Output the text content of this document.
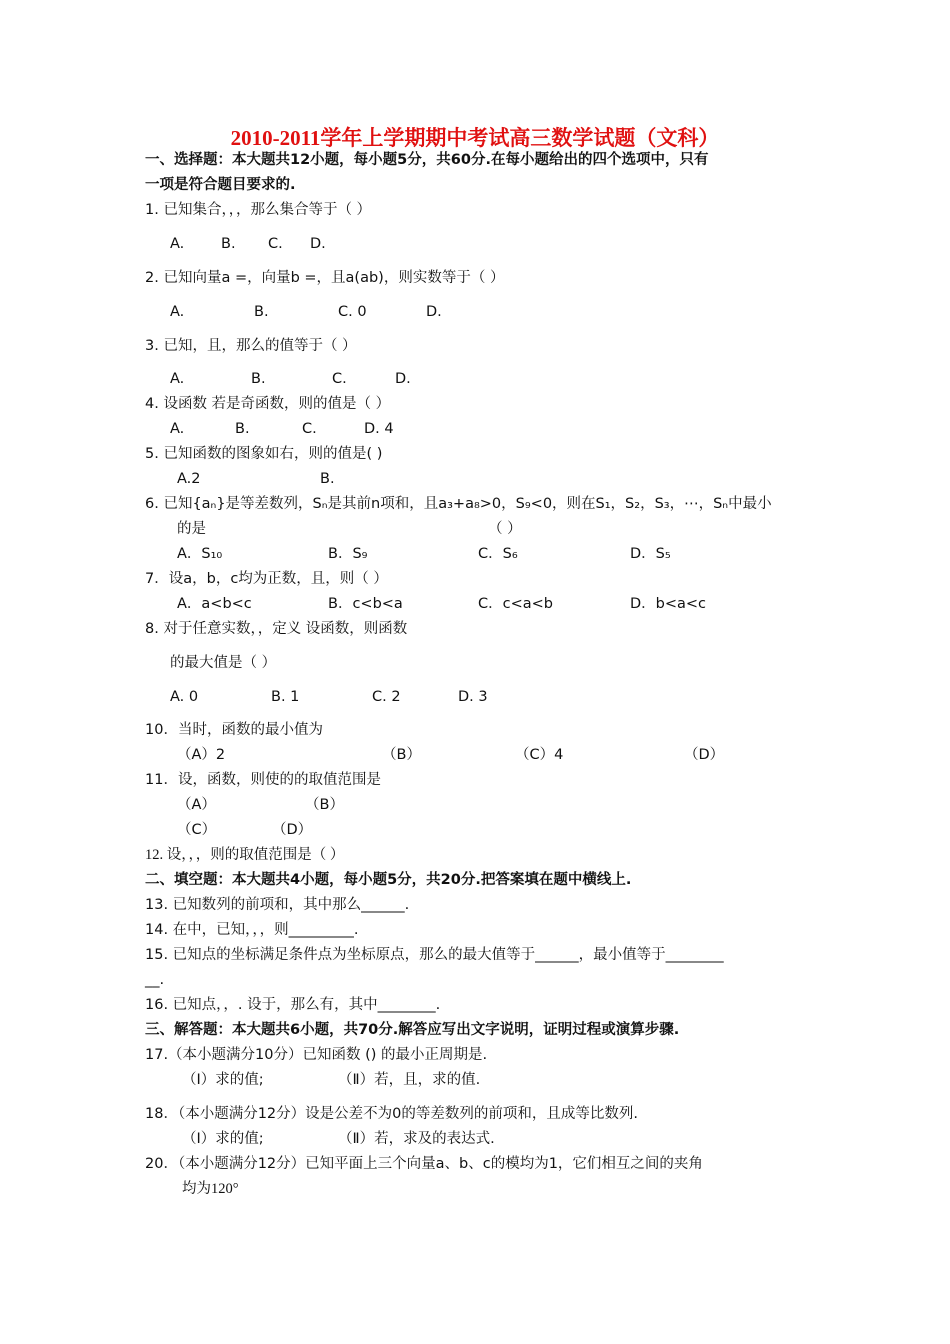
2010-2011学年上学期期中考试高三数学试题（文科）
一、选择题：本大题共12小题，每小题5分，共60分.在每小题给出的四个选项中，只有
一项是符合题目要求的.
1. 已知集合，，，那么集合等于（ ）
A.	B. C. D.
2. 已知向量a =，向量b =，且a(ab)，则实数等于（ ）
A.	B.	C. 0	D.
3. 已知，且，那么的值等于（ ）
A.	B.	C.	D.
4. 设函数 若是奇函数，则的值是（ ）
A.	B.	C.	D. 4
5. 已知函数的图象如右，则的值是( )
A.2	B.
6. 已知{aₙ}是等差数列，Sₙ是其前n项和，且a₃+a₈>0，S₉<0，则在S₁，S₂，S₃，⋯，Sₙ中最小
的是	（ ）
A．S₁₀	B．S₉	C．S₆	D．S₅
7．设a，b，c均为正数，且，则（ ）
A．a<b<c	B．c<b<a	C．c<a<b	D．b<a<c
8. 对于任意实数，，定义 设函数，则函数
的最大值是（ ）
A. 0	B. 1	C. 2	D. 3
10．当时，函数的最小值为
（A）2	（B）	（C）4	（D）
11．设，函数，则使的的取值范围是
（A）	（B）
（C）	（D）
12. 设，，，则的取值范围是（ ）
二、填空题：本大题共4小题，每小题5分，共20分.把答案填在题中横线上.
13. 已知数列的前项和，其中那么______.
14. 在中，已知，，，则_________.
15. 已知点的坐标满足条件点为坐标原点，那么的最大值等于______，最小值等于________
__.
16. 已知点，，. 设于，那么有，其中________.
三、解答题：本大题共6小题，共70分.解答应写出文字说明，证明过程或演算步骤.
17.（本小题满分10分）已知函数 () 的最小正周期是.
（Ⅰ）求的值;	（Ⅱ）若，且，求的值.
18．（本小题满分12分）设是公差不为0的等差数列的前项和，且成等比数列.
（Ⅰ）求的值;	（Ⅱ）若，求及的表达式.
20．（本小题满分12分）已知平面上三个向量a、b、c的模均为1，它们相互之间的夹角
均为120°
